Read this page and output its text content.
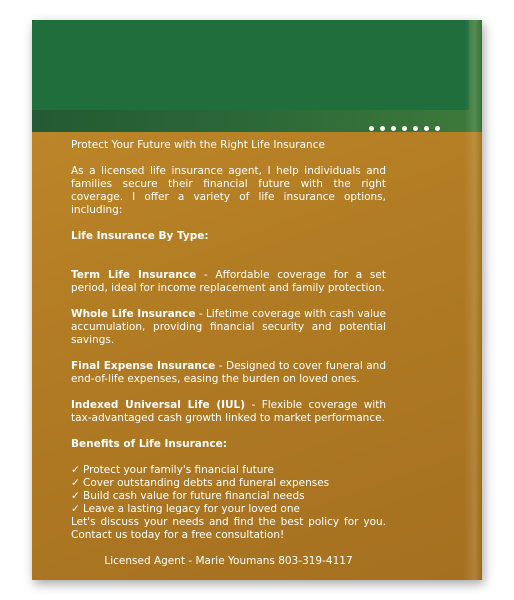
Protect Your Future with the Right Life Insurance

As a licensed life insurance agent, I help individuals and families secure their financial future with the right coverage. I offer a variety of life insurance options, including:

Life Insurance By Type:

Term Life Insurance - Affordable coverage for a set period, ideal for income replacement and family protection.

Whole Life Insurance - Lifetime coverage with cash value accumulation, providing financial security and potential savings.

Final Expense Insurance - Designed to cover funeral and end-of-life expenses, easing the burden on loved ones.

Indexed Universal Life (IUL) - Flexible coverage with tax-advantaged cash growth linked to market performance.

Benefits of Life Insurance:

✓ Protect your family's financial future

✓ Cover outstanding debts and funeral expenses

✓ Build cash value for future financial needs

✓ Leave a lasting legacy for your loved one

Let's discuss your needs and find the best policy for you. Contact us today for a free consultation!

Licensed Agent - Marie Youmans 803-319-4117
